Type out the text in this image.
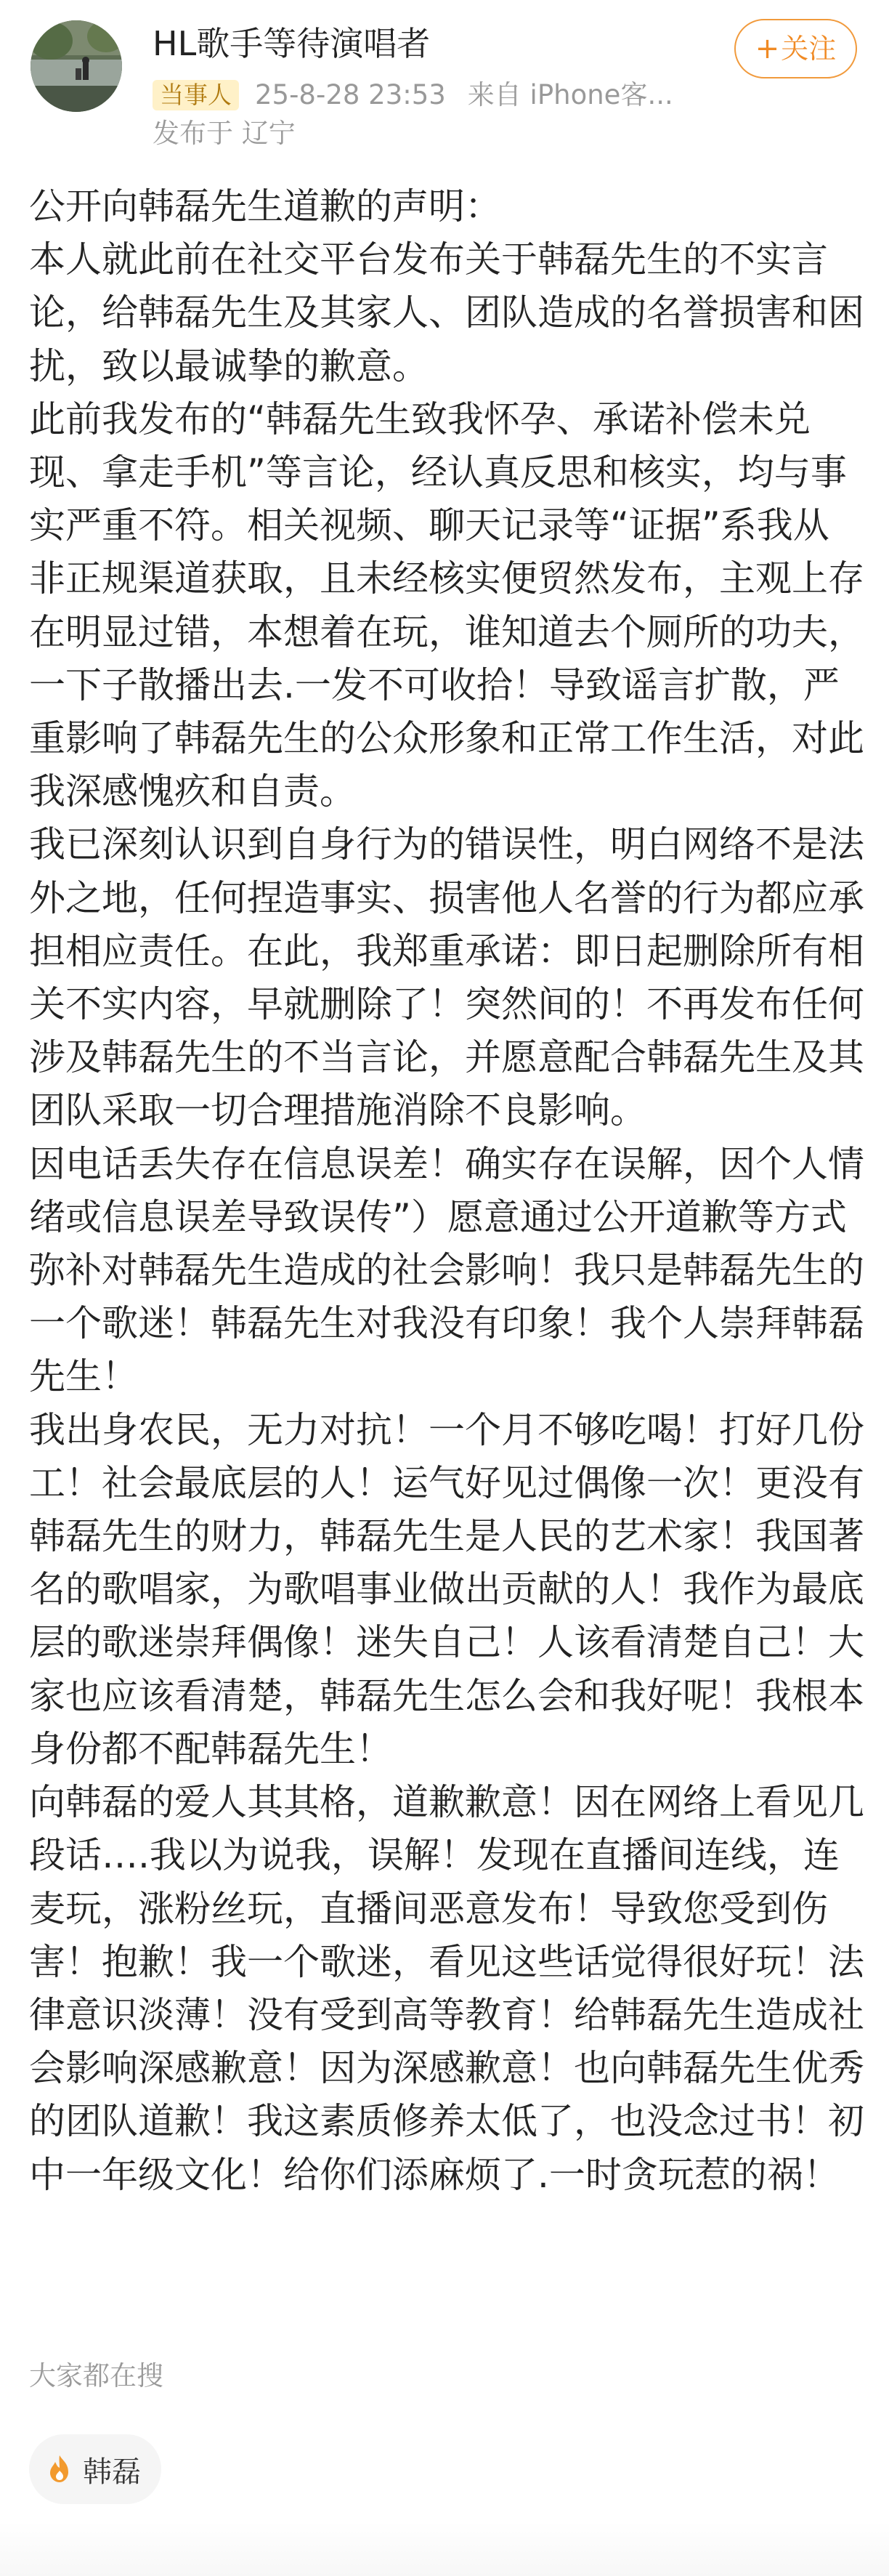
HL歌手等待演唱者
当事人 25-8-28 23:53 来自 iPhone客...
发布于 辽宁
+关注

公开向韩磊先生道歉的声明：

本人就此前在社交平台发布关于韩磊先生的不实言论，给韩磊先生及其家人、团队造成的名誉损害和困扰，致以最诚挚的歉意。

此前我发布的“韩磊先生致我怀孕、承诺补偿未兑现、拿走手机”等言论，经认真反思和核实，均与事实严重不符。相关视频、聊天记录等“证据”系我从非正规渠道获取，且未经核实便贸然发布，主观上存在明显过错，本想着在玩，谁知道去个厕所的功夫，一下子散播出去.一发不可收拾！导致谣言扩散，严重影响了韩磊先生的公众形象和正常工作生活，对此我深感愧疚和自责。

我已深刻认识到自身行为的错误性，明白网络不是法外之地，任何捏造事实、损害他人名誉的行为都应承担相应责任。在此，我郑重承诺：即日起删除所有相关不实内容，早就删除了！突然间的！不再发布任何涉及韩磊先生的不当言论，并愿意配合韩磊先生及其团队采取一切合理措施消除不良影响。

因电话丢失存在信息误差！确实存在误解，因个人情绪或信息误差导致误传”）愿意通过公开道歉等方式弥补对韩磊先生造成的社会影响！我只是韩磊先生的一个歌迷！韩磊先生对我没有印象！我个人崇拜韩磊先生！

我出身农民，无力对抗！一个月不够吃喝！打好几份工！社会最底层的人！运气好见过偶像一次！更没有韩磊先生的财力，韩磊先生是人民的艺术家！我国著名的歌唱家，为歌唱事业做出贡献的人！我作为最底层的歌迷崇拜偶像！迷失自己！人该看清楚自己！大家也应该看清楚，韩磊先生怎么会和我好呢！我根本身份都不配韩磊先生！

向韩磊的爱人其其格，道歉歉意！因在网络上看见几段话….我以为说我，误解！发现在直播间连线，连麦玩，涨粉丝玩，直播间恶意发布！导致您受到伤害！抱歉！我一个歌迷，看见这些话觉得很好玩！法律意识淡薄！没有受到高等教育！给韩磊先生造成社会影响深感歉意！因为深感歉意！也向韩磊先生优秀的团队道歉！我这素质修养太低了，也没念过书！初中一年级文化！给你们添麻烦了.一时贪玩惹的祸！

大家都在搜
韩磊
